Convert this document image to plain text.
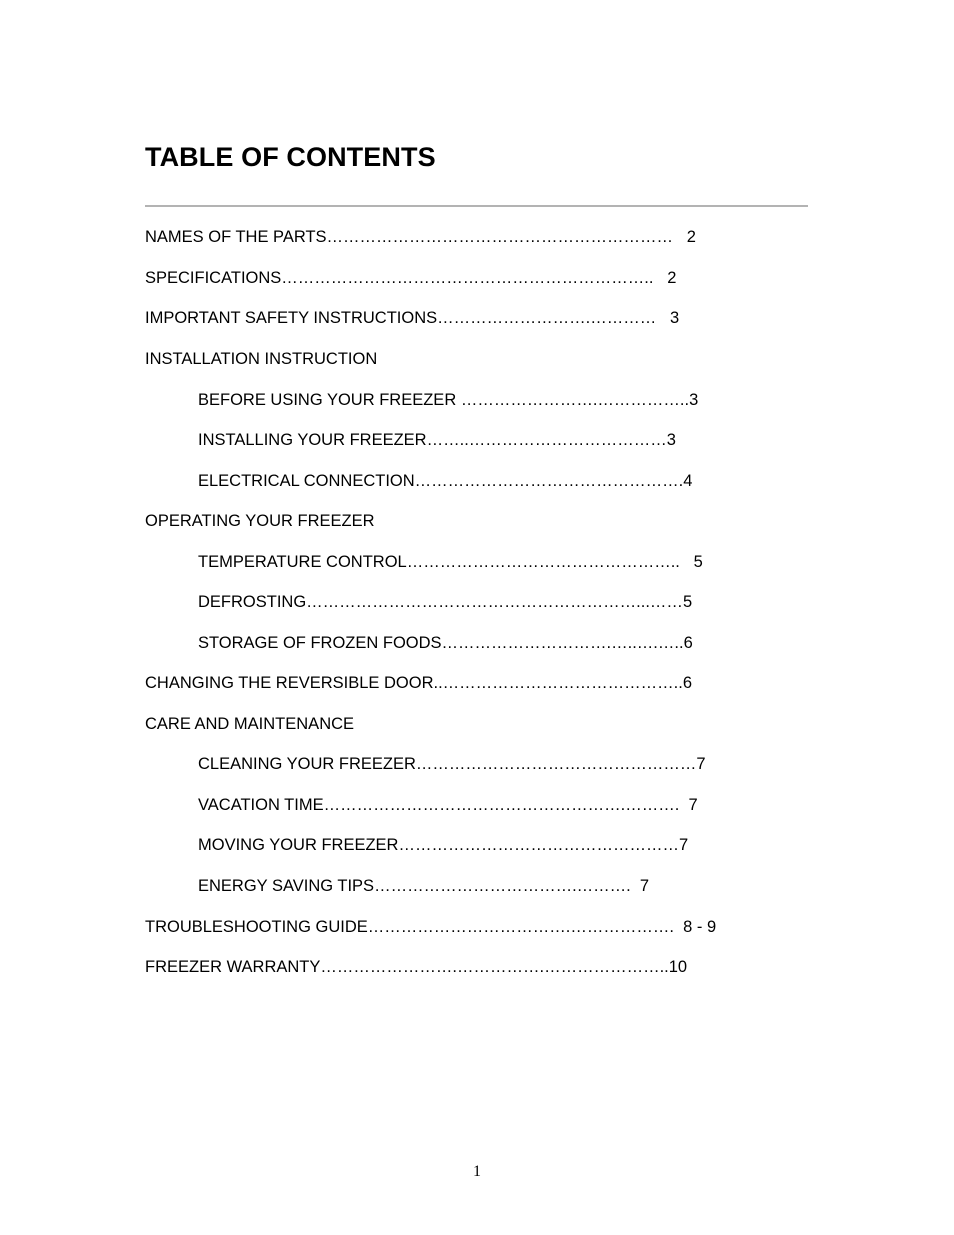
TABLE OF CONTENTS
NAMES OF THE PARTS………………………………………………………   2
SPECIFICATIONS…………………………………………………………..   2
IMPORTANT SAFETY INSTRUCTIONS……………………….…………   3
INSTALLATION INSTRUCTION
BEFORE USING YOUR FREEZER …………………….……………..3
INSTALLING YOUR FREEZER……..………………………………3
ELECTRICAL CONNECTION………………………………………….4
OPERATING YOUR FREEZER
TEMPERATURE CONTROL…………………………………………..   5
DEFROSTING……………………………………………………...……5
STORAGE OF FROZEN FOODS………………………….…..….…..6
CHANGING THE REVERSIBLE DOOR..……………………………………..6
CARE AND MAINTENANCE
CLEANING YOUR FREEZER……………………………………………7
VACATION TIME……………………………………………….……….  7
MOVING YOUR FREEZER……………………………………………7
ENERGY SAVING TIPS……………………………….……….  7
TROUBLESHOOTING GUIDE……………………………….……………….  8 - 9
FREEZER WARRANTY…………………….…………….…………………..10
1
